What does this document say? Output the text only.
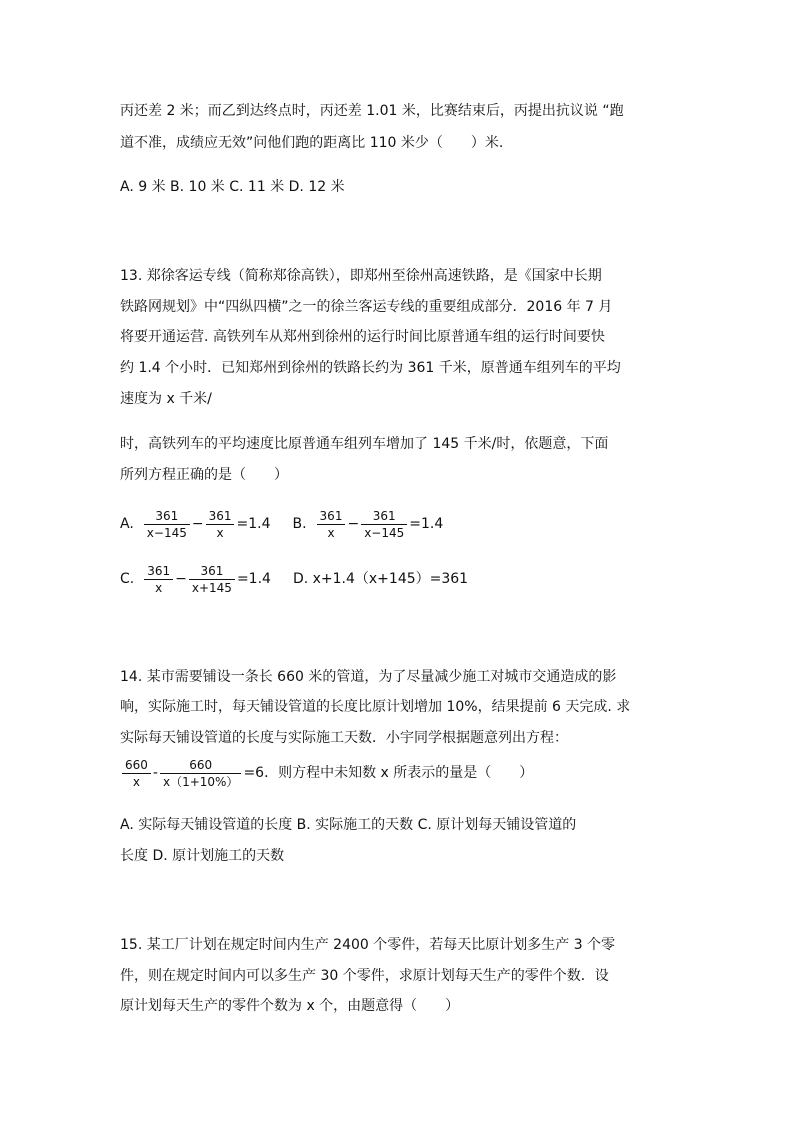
丙还差 2 米；而乙到达终点时，丙还差 1.01 米，比赛结束后，丙提出抗议说 “跑
道不准，成绩应无效”问他们跑的距离比 110 米少（　　）米.
A. 9 米 B. 10 米 C. 11 米 D. 12 米
13. 郑徐客运专线（简称郑徐高铁），即郑州至徐州高速铁路，是《国家中长期
铁路网规划》中“四纵四横”之一的徐兰客运专线的重要组成部分．2016 年 7 月
将要开通运营. 高铁列车从郑州到徐州的运行时间比原普通车组的运行时间要快
约 1.4 个小时．已知郑州到徐州的铁路长约为 361 千米，原普通车组列车的平均
速度为 x 千米/
时，高铁列车的平均速度比原普通车组列车增加了 145 千米/时，依题意，下面
所列方程正确的是（　　）
A. $\frac{361}{x-145} - \frac{361}{x} =1.4$ B. $\frac{361}{x} - \frac{361}{x-145} =1.4$
C. $\frac{361}{x} - \frac{361}{x+145} =1.4$ D. x+1.4（x+145）=361
14. 某市需要铺设一条长 660 米的管道，为了尽量减少施工对城市交通造成的影
响，实际施工时，每天铺设管道的长度比原计划增加 10%，结果提前 6 天完成. 求
实际每天铺设管道的长度与实际施工天数．小宇同学根据题意列出方程：
$\frac{660}{x} - \frac{660}{x(1+10\%)} =6$．则方程中未知数 x 所表示的量是（　　）
A. 实际每天铺设管道的长度 B. 实际施工的天数 C. 原计划每天铺设管道的
长度 D. 原计划施工的天数
15. 某工厂计划在规定时间内生产 2400 个零件，若每天比原计划多生产 3 个零
件，则在规定时间内可以多生产 30 个零件，求原计划每天生产的零件个数．设
原计划每天生产的零件个数为 x 个，由题意得（　　）
